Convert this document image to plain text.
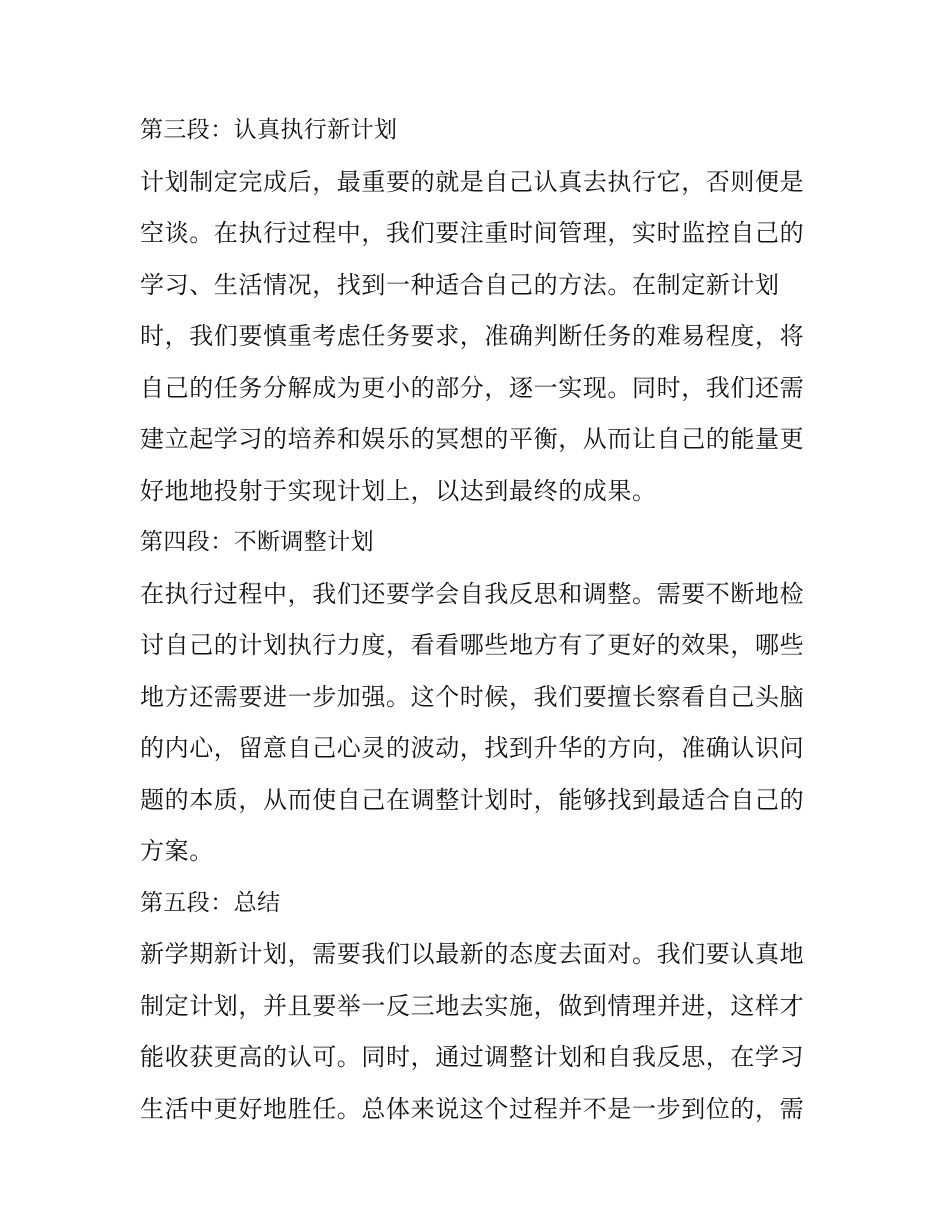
第三段：认真执行新计划
计划制定完成后，最重要的就是自己认真去执行它，否则便是
空谈。在执行过程中，我们要注重时间管理，实时监控自己的
学习、生活情况，找到一种适合自己的方法。在制定新计划
时，我们要慎重考虑任务要求，准确判断任务的难易程度，将
自己的任务分解成为更小的部分，逐一实现。同时，我们还需
建立起学习的培养和娱乐的冥想的平衡，从而让自己的能量更
好地地投射于实现计划上，以达到最终的成果。
第四段：不断调整计划
在执行过程中，我们还要学会自我反思和调整。需要不断地检
讨自己的计划执行力度，看看哪些地方有了更好的效果，哪些
地方还需要进一步加强。这个时候，我们要擅长察看自己头脑
的内心，留意自己心灵的波动，找到升华的方向，准确认识问
题的本质，从而使自己在调整计划时，能够找到最适合自己的
方案。
第五段：总结
新学期新计划，需要我们以最新的态度去面对。我们要认真地
制定计划，并且要举一反三地去实施，做到情理并进，这样才
能收获更高的认可。同时，通过调整计划和自我反思，在学习
生活中更好地胜任。总体来说这个过程并不是一步到位的，需
